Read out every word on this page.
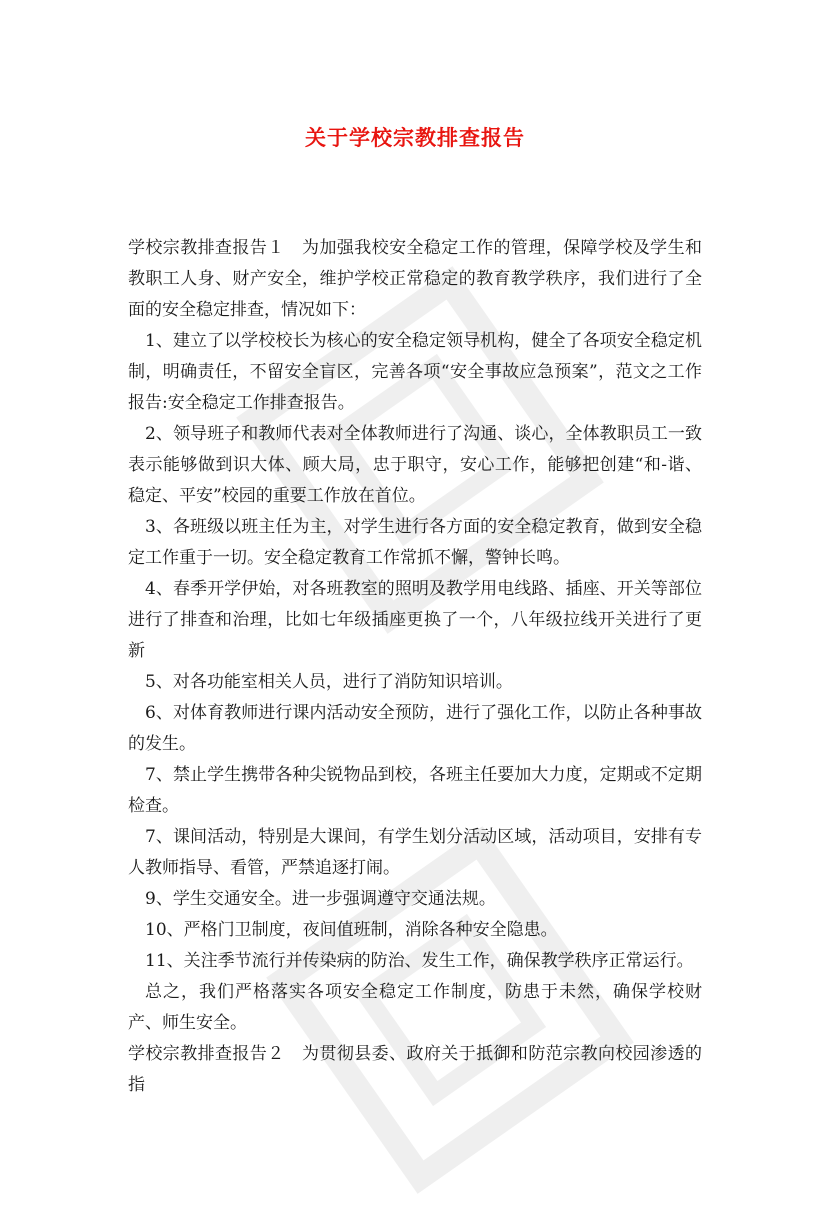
关于学校宗教排查报告

学校宗教排查报告１　为加强我校安全稳定工作的管理，保障学校及学生和教职工人身、财产安全，维护学校正常稳定的教育教学秩序，我们进行了全面的安全稳定排查，情况如下：

1、建立了以学校校长为核心的安全稳定领导机构，健全了各项安全稳定机制，明确责任，不留安全盲区，完善各项“安全事故应急预案”，范文之工作报告:安全稳定工作排查报告。

2、领导班子和教师代表对全体教师进行了沟通、谈心，全体教职员工一致表示能够做到识大体、顾大局，忠于职守，安心工作，能够把创建“和-谐、稳定、平安”校园的重要工作放在首位。

3、各班级以班主任为主，对学生进行各方面的安全稳定教育，做到安全稳定工作重于一切。安全稳定教育工作常抓不懈，警钟长鸣。

4、春季开学伊始，对各班教室的照明及教学用电线路、插座、开关等部位进行了排查和治理，比如七年级插座更换了一个，八年级拉线开关进行了更新

5、对各功能室相关人员，进行了消防知识培训。

6、对体育教师进行课内活动安全预防，进行了强化工作，以防止各种事故的发生。

7、禁止学生携带各种尖锐物品到校，各班主任要加大力度，定期或不定期检查。

7、课间活动，特别是大课间，有学生划分活动区域，活动项目，安排有专人教师指导、看管，严禁追逐打闹。

9、学生交通安全。进一步强调遵守交通法规。

10、严格门卫制度，夜间值班制，消除各种安全隐患。

11、关注季节流行并传染病的防治、发生工作，确保教学秩序正常运行。

总之，我们严格落实各项安全稳定工作制度，防患于未然，确保学校财产、师生安全。

学校宗教排查报告２　为贯彻县委、政府关于抵御和防范宗教向校园渗透的指
